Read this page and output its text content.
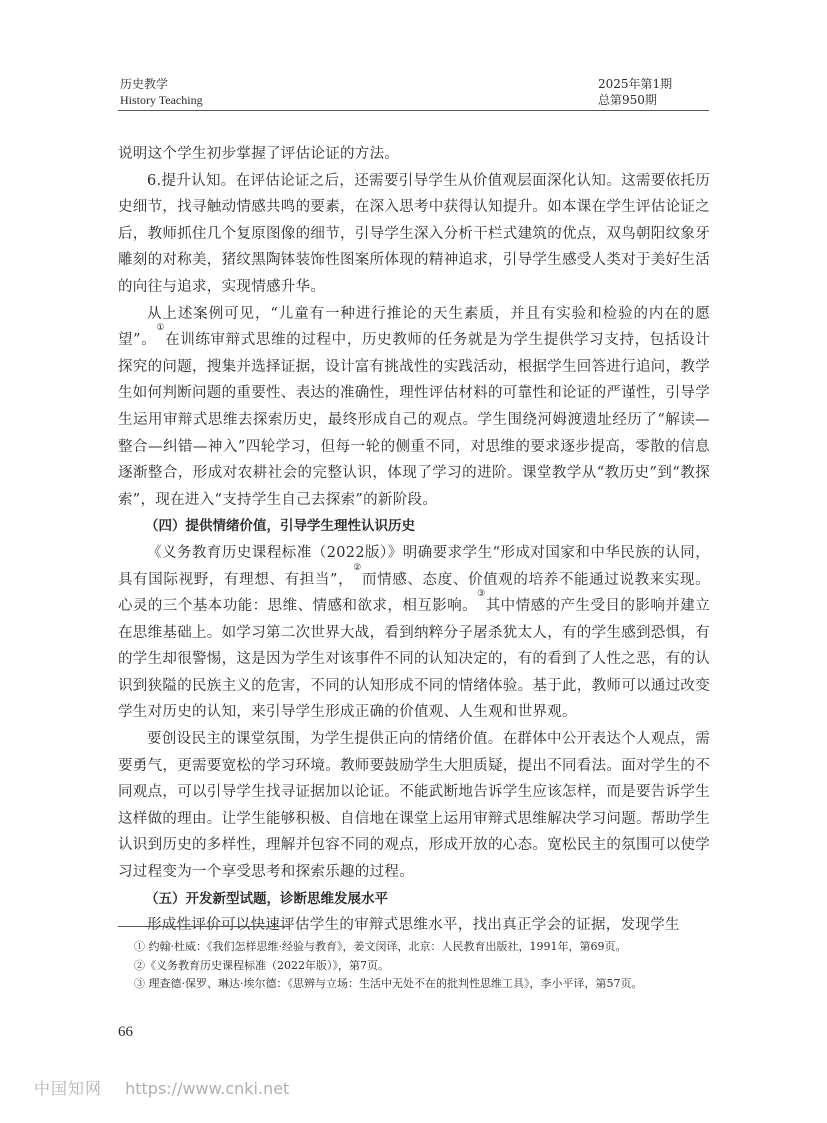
历史教学
History Teaching
2025年第1期
总第950期

说明这个学生初步掌握了评估论证的方法。

6.提升认知。在评估论证之后，还需要引导学生从价值观层面深化认知。这需要依托历史细节，找寻触动情感共鸣的要素，在深入思考中获得认知提升。如本课在学生评估论证之后，教师抓住几个复原图像的细节，引导学生深入分析干栏式建筑的优点，双鸟朝阳纹象牙雕刻的对称美，猪纹黑陶钵装饰性图案所体现的精神追求，引导学生感受人类对于美好生活的向往与追求，实现情感升华。

从上述案例可见，“儿童有一种进行推论的天生素质，并且有实验和检验的内在的愿望”。①在训练审辩式思维的过程中，历史教师的任务就是为学生提供学习支持，包括设计探究的问题，搜集并选择证据，设计富有挑战性的实践活动，根据学生回答进行追问，教学生如何判断问题的重要性、表达的准确性，理性评估材料的可靠性和论证的严谨性，引导学生运用审辩式思维去探索历史，最终形成自己的观点。学生围绕河姆渡遗址经历了“解读—整合—纠错—神入”四轮学习，但每一轮的侧重不同，对思维的要求逐步提高，零散的信息逐渐整合，形成对农耕社会的完整认识，体现了学习的进阶。课堂教学从“教历史”到“教探索”，现在进入“支持学生自己去探索”的新阶段。

（四）提供情绪价值，引导学生理性认识历史

《义务教育历史课程标准（2022版）》明确要求学生“形成对国家和中华民族的认同，具有国际视野，有理想、有担当”，②而情感、态度、价值观的培养不能通过说教来实现。心灵的三个基本功能：思维、情感和欲求，相互影响。③其中情感的产生受目的影响并建立在思维基础上。如学习第二次世界大战，看到纳粹分子屠杀犹太人，有的学生感到恐惧，有的学生却很警惕，这是因为学生对该事件不同的认知决定的，有的看到了人性之恶，有的认识到狭隘的民族主义的危害，不同的认知形成不同的情绪体验。基于此，教师可以通过改变学生对历史的认知，来引导学生形成正确的价值观、人生观和世界观。

要创设民主的课堂氛围，为学生提供正向的情绪价值。在群体中公开表达个人观点，需要勇气，更需要宽松的学习环境。教师要鼓励学生大胆质疑，提出不同看法。面对学生的不同观点，可以引导学生找寻证据加以论证。不能武断地告诉学生应该怎样，而是要告诉学生这样做的理由。让学生能够积极、自信地在课堂上运用审辩式思维解决学习问题。帮助学生认识到历史的多样性，理解并包容不同的观点，形成开放的心态。宽松民主的氛围可以使学习过程变为一个享受思考和探索乐趣的过程。

（五）开发新型试题，诊断思维发展水平

形成性评价可以快速评估学生的审辩式思维水平，找出真正学会的证据，发现学生

① 约翰·杜威：《我们怎样思维·经验与教育》，姜文闵译，北京：人民教育出版社，1991年，第69页。
②《义务教育历史课程标准（2022年版）》，第7页。
③ 理查德·保罗、琳达·埃尔德：《思辨与立场：生活中无处不在的批判性思维工具》，李小平译，第57页。
66
中国知网 https://www.cnki.net
